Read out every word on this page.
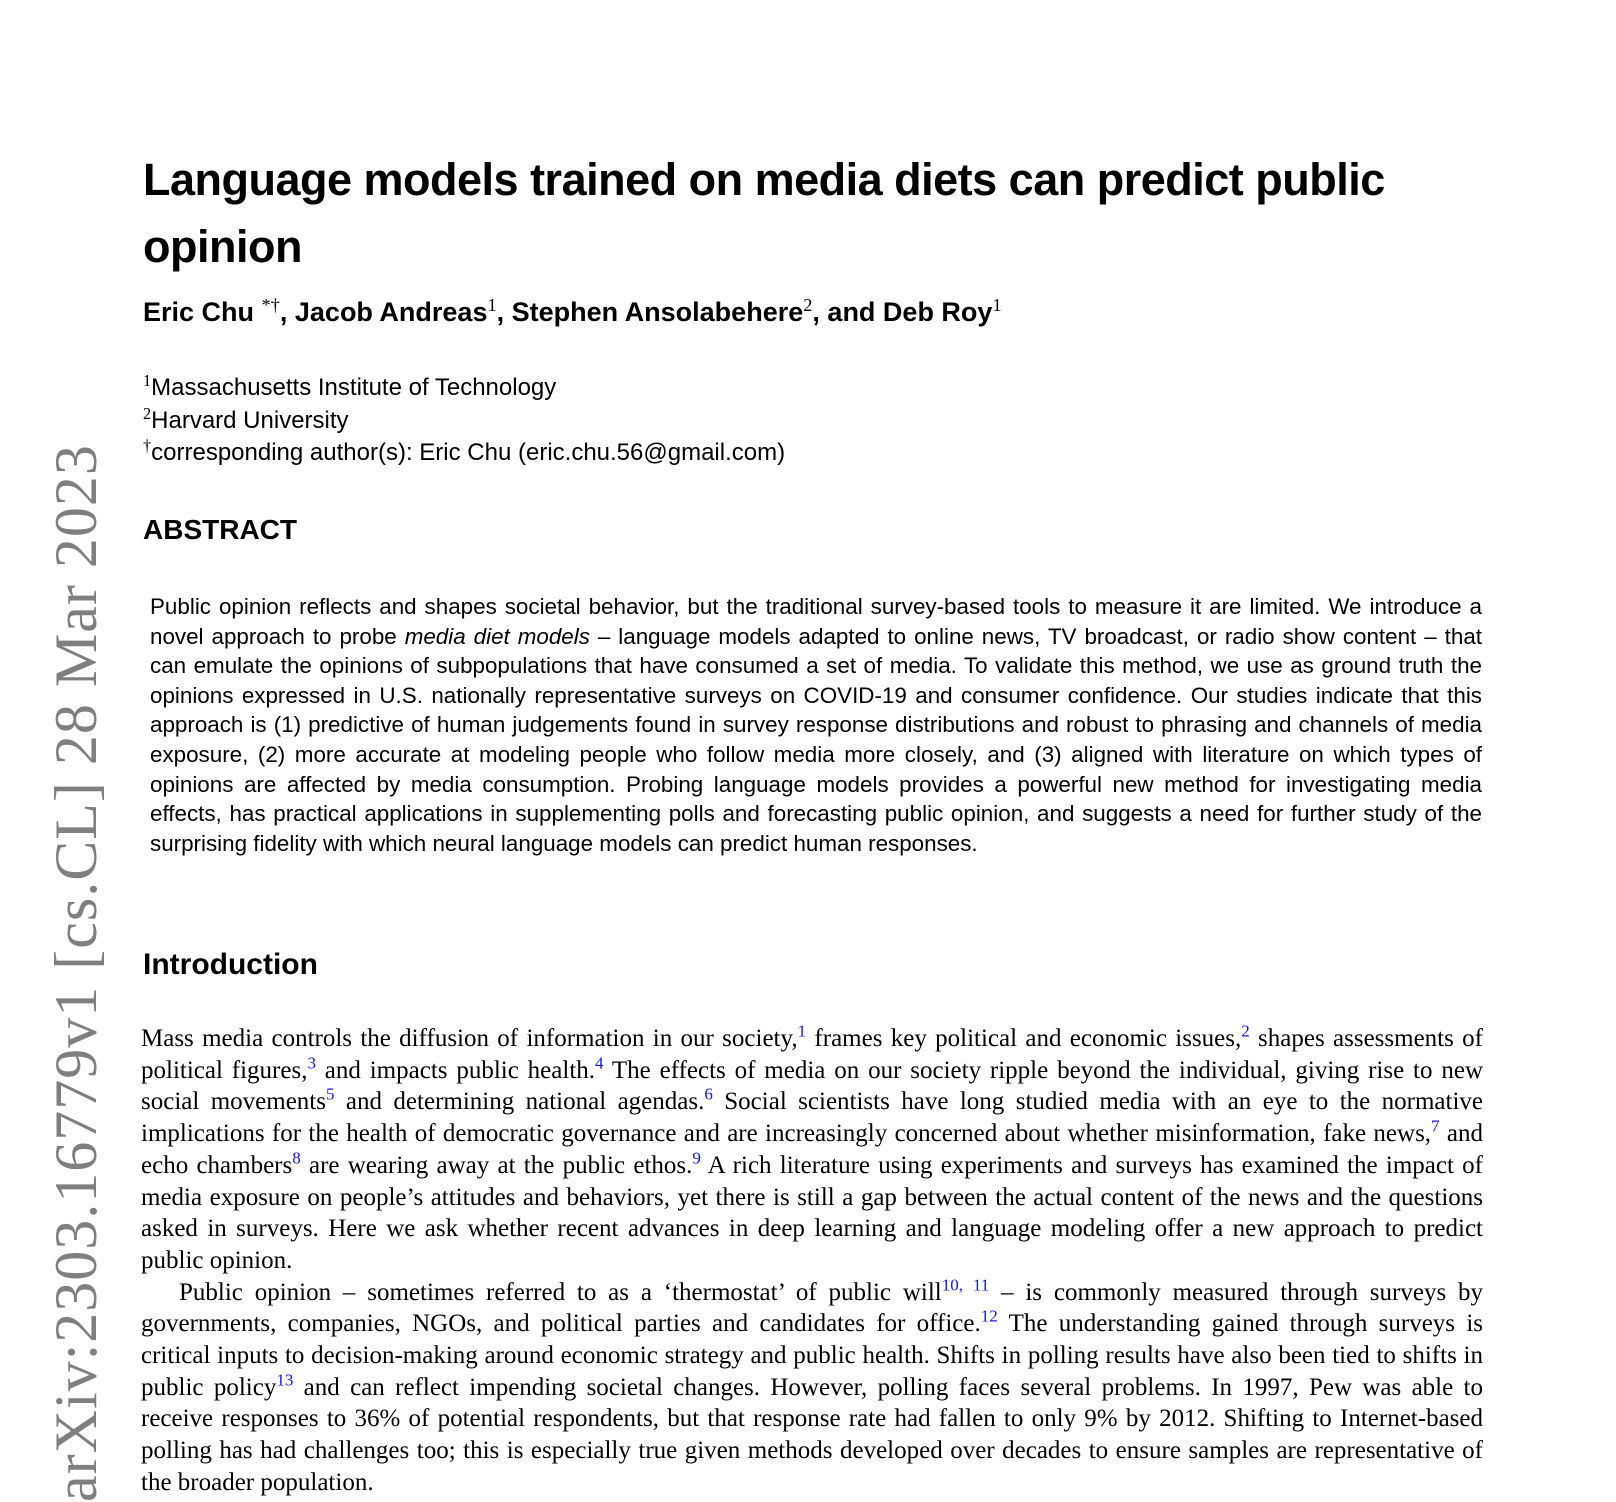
arXiv:2303.16779v1 [cs.CL] 28 Mar 2023
Language models trained on media diets can predict public opinion
Eric Chu *†, Jacob Andreas$^1$, Stephen Ansolabehere$^2$, and Deb Roy$^1$
$^1$Massachusetts Institute of Technology
$^2$Harvard University
†corresponding author(s): Eric Chu (eric.chu.56@gmail.com)
ABSTRACT

Public opinion reflects and shapes societal behavior, but the traditional survey-based tools to measure it are limited. We introduce a novel approach to probe media diet models – language models adapted to online news, TV broadcast, or radio show content – that can emulate the opinions of subpopulations that have consumed a set of media. To validate this method, we use as ground truth the opinions expressed in U.S. nationally representative surveys on COVID-19 and consumer confidence. Our studies indicate that this approach is (1) predictive of human judgements found in survey response distributions and robust to phrasing and channels of media exposure, (2) more accurate at modeling people who follow media more closely, and (3) aligned with literature on which types of opinions are affected by media consumption. Probing language models provides a powerful new method for investigating media effects, has practical applications in supplementing polls and forecasting public opinion, and suggests a need for further study of the surprising fidelity with which neural language models can predict human responses.

Introduction

Mass media controls the diffusion of information in our society,$^1$ frames key political and economic issues,$^2$ shapes assessments of political figures,$^3$ and impacts public health.$^4$ The effects of media on our society ripple beyond the individual, giving rise to new social movements$^5$ and determining national agendas.$^6$ Social scientists have long studied media with an eye to the normative implications for the health of democratic governance and are increasingly concerned about whether misinformation, fake news,$^7$ and echo chambers$^8$ are wearing away at the public ethos.$^9$ A rich literature using experiments and surveys has examined the impact of media exposure on people’s attitudes and behaviors, yet there is still a gap between the actual content of the news and the questions asked in surveys. Here we ask whether recent advances in deep learning and language modeling offer a new approach to predict public opinion.

Public opinion – sometimes referred to as a ‘thermostat’ of public will$^{10, 11}$ – is commonly measured through surveys by governments, companies, NGOs, and political parties and candidates for office.$^{12}$ The understanding gained through surveys is critical inputs to decision-making around economic strategy and public health. Shifts in polling results have also been tied to shifts in public policy$^{13}$ and can reflect impending societal changes. However, polling faces several problems. In 1997, Pew was able to receive responses to 36% of potential respondents, but that response rate had fallen to only 9% by 2012. Shifting to Internet-based polling has had challenges too; this is especially true given methods developed over decades to ensure samples are representative of the broader population.
